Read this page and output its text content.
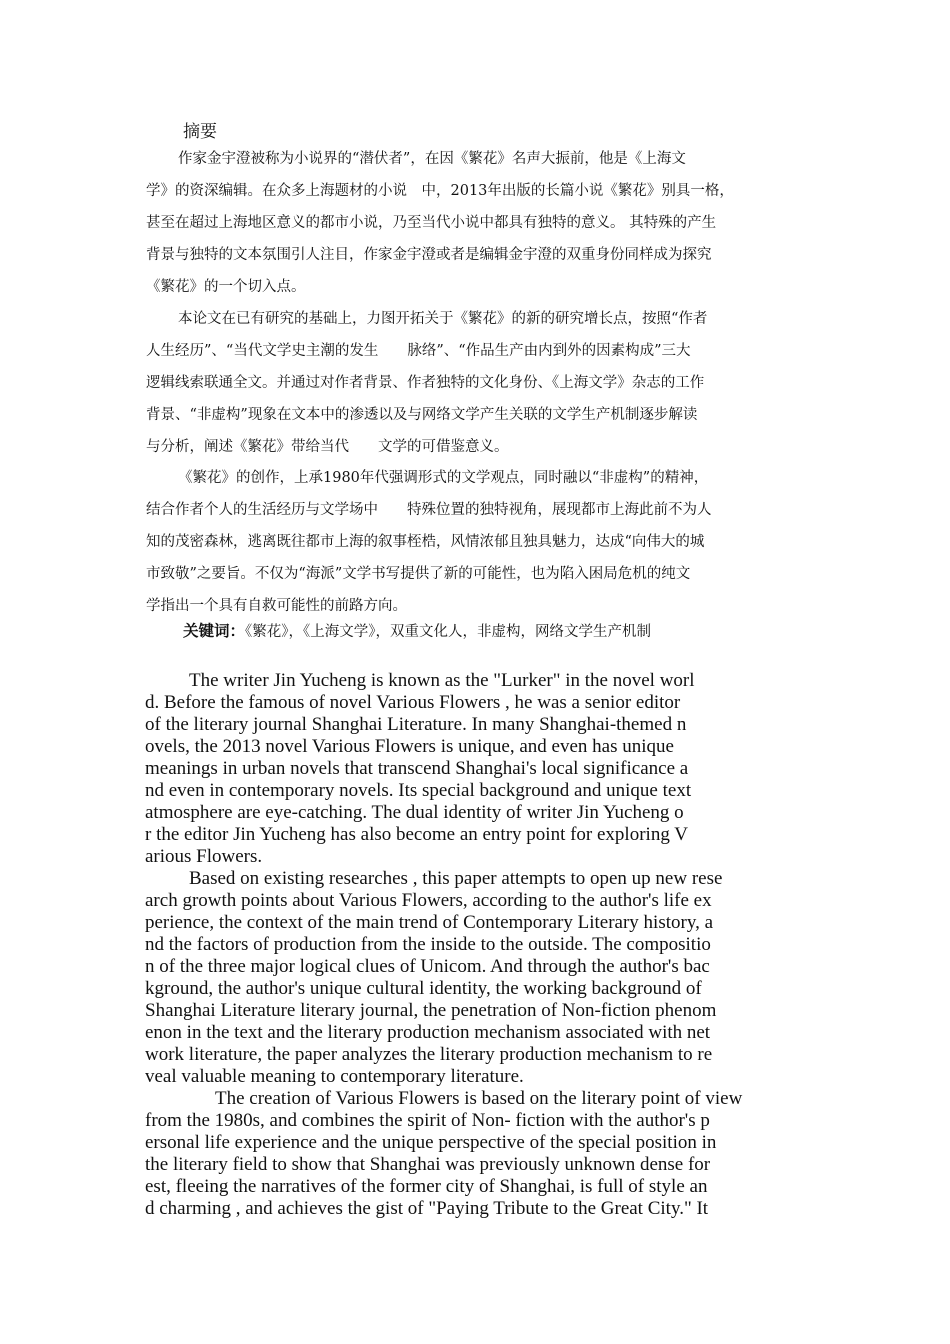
摘要
作家金宇澄被称为小说界的“潜伏者”，在因《繁花》名声大振前，他是《上海文
学》的资深编辑。在众多上海题材的小说　中，2013年出版的长篇小说《繁花》别具一格，
甚至在超过上海地区意义的都市小说，乃至当代小说中都具有独特的意义。 其特殊的产生
背景与独特的文本氛围引人注目，作家金宇澄或者是编辑金宇澄的双重身份同样成为探究
《繁花》的一个切入点。
本论文在已有研究的基础上，力图开拓关于《繁花》的新的研究增长点，按照“作者
人生经历”、“当代文学史主潮的发生　　脉络”、“作品生产由内到外的因素构成”三大
逻辑线索联通全文。并通过对作者背景、作者独特的文化身份、《上海文学》杂志的工作
背景、“非虚构”现象在文本中的渗透以及与网络文学产生关联的文学生产机制逐步解读
与分析，阐述《繁花》带给当代　　文学的可借鉴意义。
《繁花》的创作，上承1980年代强调形式的文学观点，同时融以“非虚构”的精神，
结合作者个人的生活经历与文学场中　　特殊位置的独特视角，展现都市上海此前不为人
知的茂密森林，逃离既往都市上海的叙事桎梏，风情浓郁且独具魅力，达成“向伟大的城
市致敬”之要旨。不仅为“海派”文学书写提供了新的可能性，也为陷入困局危机的纯文
学指出一个具有自救可能性的前路方向。
关键词：《繁花》，《上海文学》，双重文化人，非虚构，网络文学生产机制
The writer Jin Yucheng is known as the "Lurker" in the novel worl
d. Before the famous of novel Various Flowers , he was a senior editor
of the literary journal Shanghai Literature. In many Shanghai-themed n
ovels, the 2013 novel Various Flowers is unique, and even has unique
meanings in urban novels that transcend Shanghai's local significance a
nd even in contemporary novels. Its special background and unique text
atmosphere are eye-catching. The dual identity of writer Jin Yucheng o
r the editor Jin Yucheng has also become an entry point for exploring V
arious Flowers.
Based on existing researches , this paper attempts to open up new rese
arch growth points about Various Flowers, according to the author's life ex
perience, the context of the main trend of Contemporary Literary history, a
nd the factors of production from the inside to the outside. The compositio
n of the three major logical clues of Unicom. And through the author's bac
kground, the author's unique cultural identity, the working background of
Shanghai Literature literary journal, the penetration of Non-fiction phenom
enon in the text and the literary production mechanism associated with net
work literature, the paper analyzes the literary production mechanism to re
veal valuable meaning to contemporary literature.
The creation of Various Flowers is based on the literary point of view
from the 1980s, and combines the spirit of Non- fiction with the author's p
ersonal life experience and the unique perspective of the special position in
the literary field to show that Shanghai was previously unknown dense for
est, fleeing the narratives of the former city of Shanghai, is full of style an
d charming , and achieves the gist of "Paying Tribute to the Great City." It
